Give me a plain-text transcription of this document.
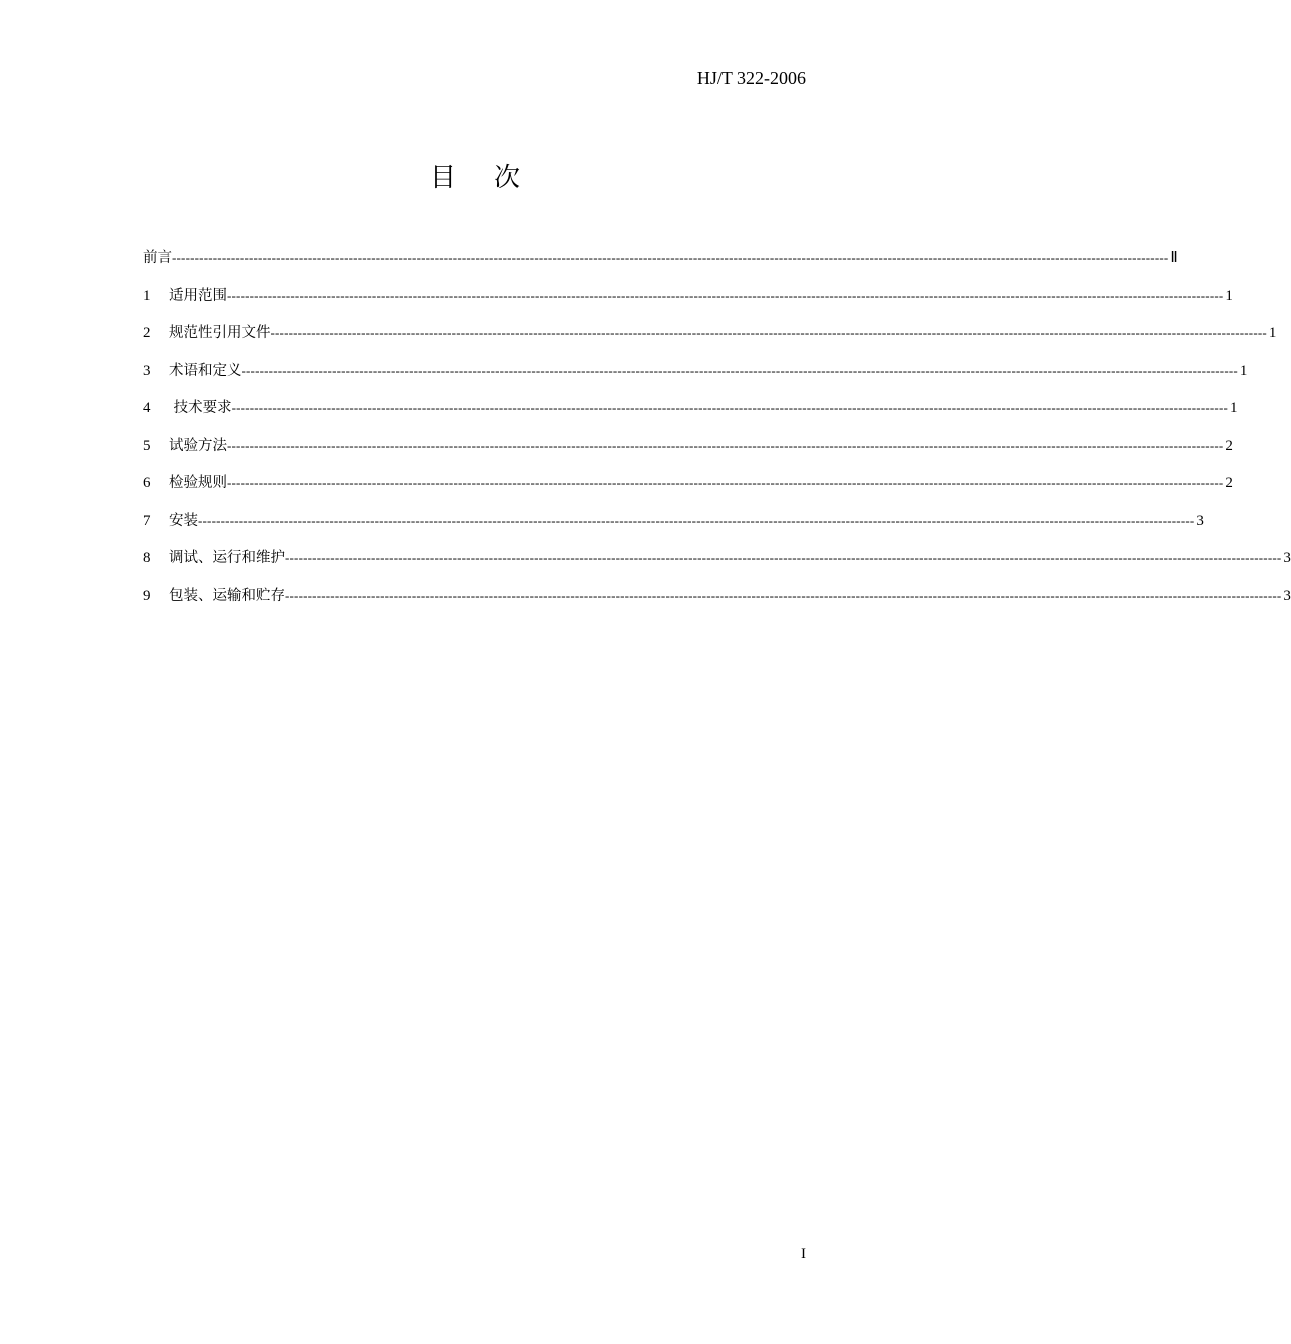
HJ/T 322-2006
目 次
前言 ---------------------------------------------------------------------------------------------------------------------------------------------------------------------------------------------------------------------------- Ⅱ
1	适用范围 ---------------------------------------------------------------------------------------------------------------------------------------------------------------------------------------------------------------------------- 1
2	规范性引用文件 ---------------------------------------------------------------------------------------------------------------------------------------------------------------------------------------------------------------------------- 1
3	术语和定义 ---------------------------------------------------------------------------------------------------------------------------------------------------------------------------------------------------------------------------- 1
4	技术要求 ---------------------------------------------------------------------------------------------------------------------------------------------------------------------------------------------------------------------------- 1
5	试验方法 ---------------------------------------------------------------------------------------------------------------------------------------------------------------------------------------------------------------------------- 2
6	检验规则 ---------------------------------------------------------------------------------------------------------------------------------------------------------------------------------------------------------------------------- 2
7	安装 ---------------------------------------------------------------------------------------------------------------------------------------------------------------------------------------------------------------------------- 3
8	调试、运行和维护 ---------------------------------------------------------------------------------------------------------------------------------------------------------------------------------------------------------------------------- 3
9	包装、运输和贮存 ---------------------------------------------------------------------------------------------------------------------------------------------------------------------------------------------------------------------------- 3
I
